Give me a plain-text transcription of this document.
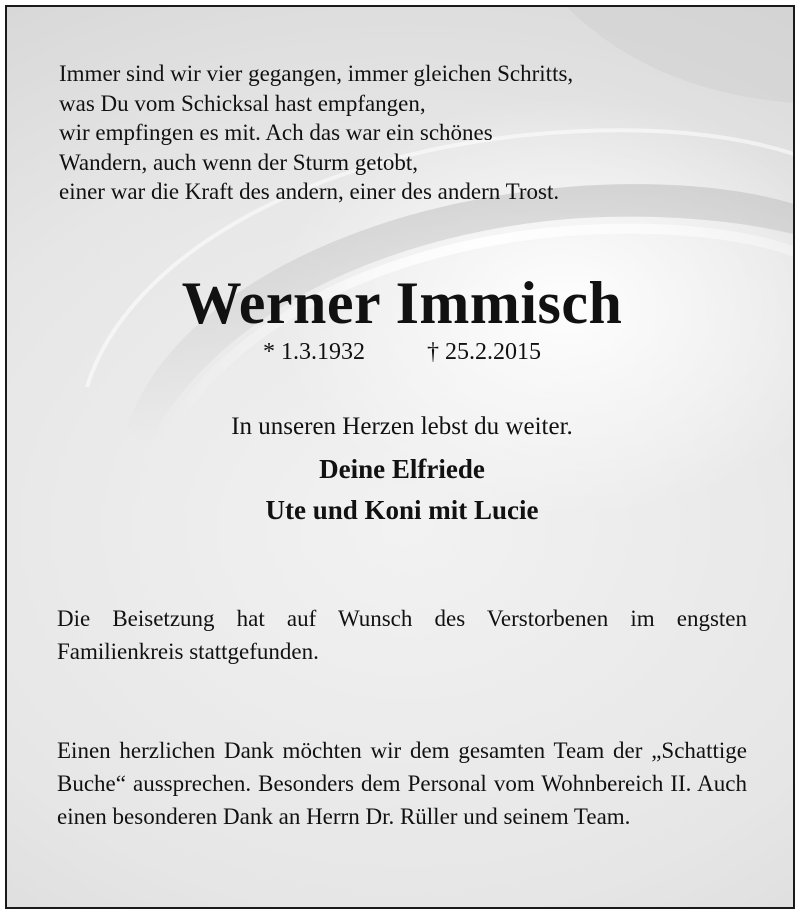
Immer sind wir vier gegangen, immer gleichen Schritts,
was Du vom Schicksal hast empfangen,
wir empfingen es mit. Ach das war ein schönes
Wandern, auch wenn der Sturm getobt,
einer war die Kraft des andern, einer des andern Trost.
Werner Immisch
* 1.3.1932	† 25.2.2015
In unseren Herzen lebst du weiter.
Deine Elfriede
Ute und Koni mit Lucie
Die Beisetzung hat auf Wunsch des Verstorbenen im engsten Familienkreis stattgefunden.
Einen herzlichen Dank möchten wir dem gesamten Team der „Schattige Buche“ aussprechen. Besonders dem Personal vom Wohnbereich II. Auch einen besonderen Dank an Herrn Dr. Rüller und seinem Team.
